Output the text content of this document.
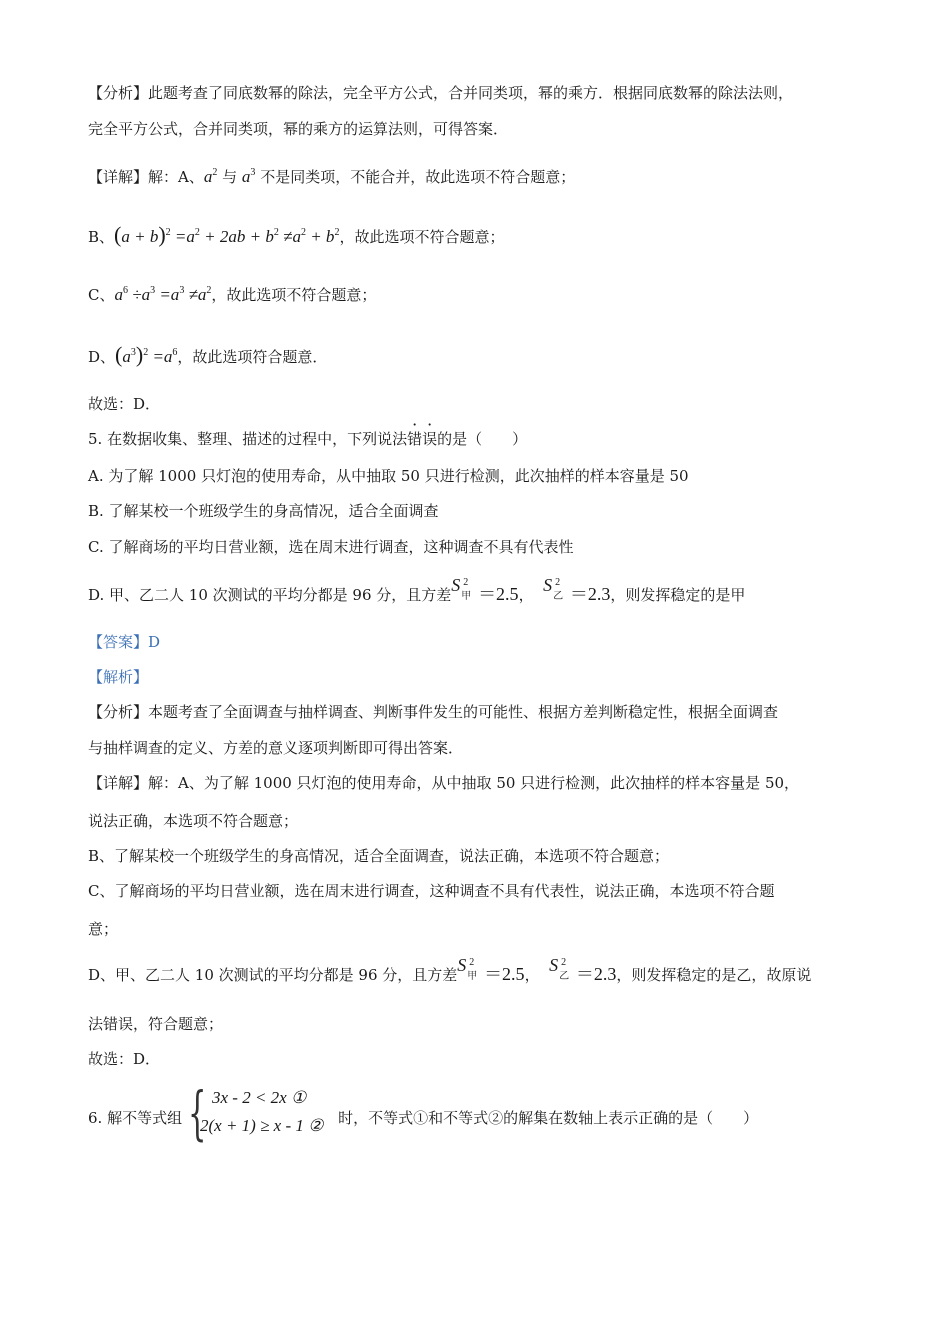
【分析】此题考查了同底数幂的除法，完全平方公式，合并同类项，幂的乘方．根据同底数幂的除法法则，
完全平方公式，合并同类项，幂的乘方的运算法则，可得答案．
【详解】解：A、$a^2$ 与 $a^3$ 不是同类项，不能合并，故此选项不符合题意；
B、$(a + b)^2 =a^2 + 2ab + b^2 \ne a^2 + b^2$，故此选项不符合题意；
C、$a^6 \div a^3 =a^3 \ne a^2$，故此选项不符合题意；
D、$(a^3)^2 =a^6$，故此选项符合题意．
故选：D．
5. 在数据收集、整理、描述的过程中，下列说法错误的是（　　）
A. 为了解 1000 只灯泡的使用寿命，从中抽取 50 只进行检测，此次抽样的样本容量是 50
B. 了解某校一个班级学生的身高情况，适合全面调查
C. 了解商场的平均日营业额，选在周末进行调查，这种调查不具有代表性
D. 甲、乙二人 10 次测试的平均分都是 96 分，且方差 S 2
甲 ＝2.5， S 2
乙 ＝2.3，则发挥稳定的是甲
【答案】D
【解析】
【分析】本题考查了全面调查与抽样调查、判断事件发生的可能性、根据方差判断稳定性，根据全面调查
与抽样调查的定义、方差的意义逐项判断即可得出答案．
【详解】解：A、为了解 1000 只灯泡的使用寿命，从中抽取 50 只进行检测，此次抽样的样本容量是 50，
说法正确，本选项不符合题意；
B、了解某校一个班级学生的身高情况，适合全面调查，说法正确，本选项不符合题意；
C、了解商场的平均日营业额，选在周末进行调查，这种调查不具有代表性，说法正确，本选项不符合题
意；
D、甲、乙二人 10 次测试的平均分都是 96 分，且方差 S 2
甲 ＝2.5， S 2
乙 ＝2.3，则发挥稳定的是乙，故原说
法错误，符合题意；
故选：D．
6. 解不等式组	时，不等式①和不等式②的解集在数轴上表示正确的是（　　）
{ 3x - 2 < 2x ①
2(x + 1) ≥ x - 1 ②
